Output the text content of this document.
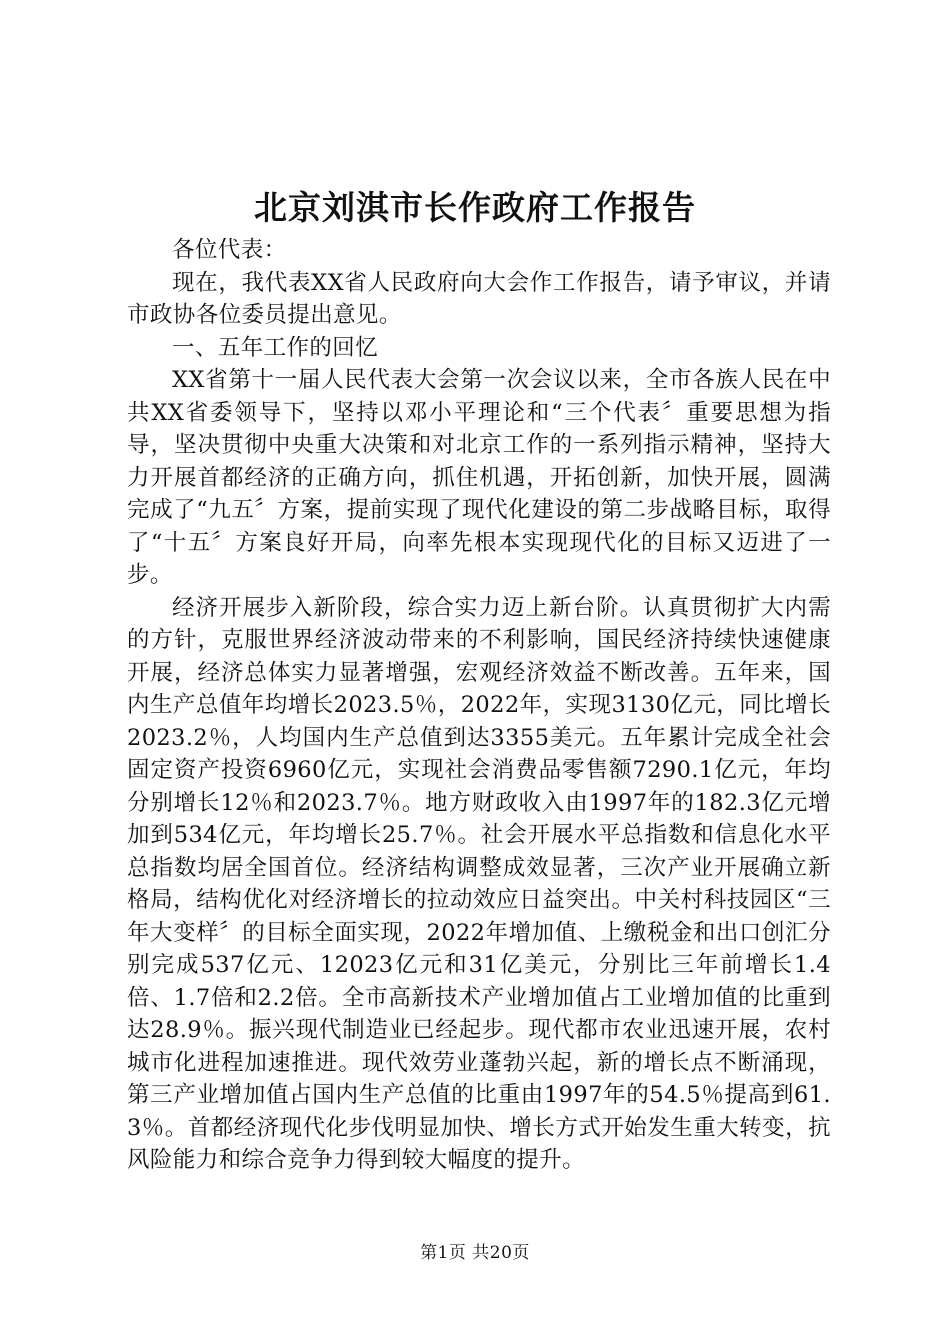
北京刘淇市长作政府工作报告

各位代表：

现在，我代表XX省人民政府向大会作工作报告，请予审议，并请市政协各位委员提出意见。

一、五年工作的回忆

XX省第十一届人民代表大会第一次会议以来，全市各族人民在中共XX省委领导下，坚持以邓小平理论和“三个代表〞重要思想为指导，坚决贯彻中央重大决策和对北京工作的一系列指示精神，坚持大力开展首都经济的正确方向，抓住机遇，开拓创新，加快开展，圆满完成了“九五〞方案，提前实现了现代化建设的第二步战略目标，取得了“十五〞方案良好开局，向率先根本实现现代化的目标又迈进了一步。

经济开展步入新阶段，综合实力迈上新台阶。认真贯彻扩大内需的方针，克服世界经济波动带来的不利影响，国民经济持续快速健康开展，经济总体实力显著增强，宏观经济效益不断改善。五年来，国内生产总值年均增长2023.5％，2022年，实现3130亿元，同比增长2023.2％，人均国内生产总值到达3355美元。五年累计完成全社会固定资产投资6960亿元，实现社会消费品零售额7290.1亿元，年均分别增长12％和2023.7％。地方财政收入由1997年的182.3亿元增加到534亿元，年均增长25.7％。社会开展水平总指数和信息化水平总指数均居全国首位。经济结构调整成效显著，三次产业开展确立新格局，结构优化对经济增长的拉动效应日益突出。中关村科技园区“三年大变样〞的目标全面实现，2022年增加值、上缴税金和出口创汇分别完成537亿元、12023亿元和31亿美元，分别比三年前增长1.4倍、1.7倍和2.2倍。全市高新技术产业增加值占工业增加值的比重到达28.9％。振兴现代制造业已经起步。现代都市农业迅速开展，农村城市化进程加速推进。现代效劳业蓬勃兴起，新的增长点不断涌现，第三产业增加值占国内生产总值的比重由1997年的54.5％提高到61.3％。首都经济现代化步伐明显加快、增长方式开始发生重大转变，抗风险能力和综合竞争力得到较大幅度的提升。

第1页 共20页
